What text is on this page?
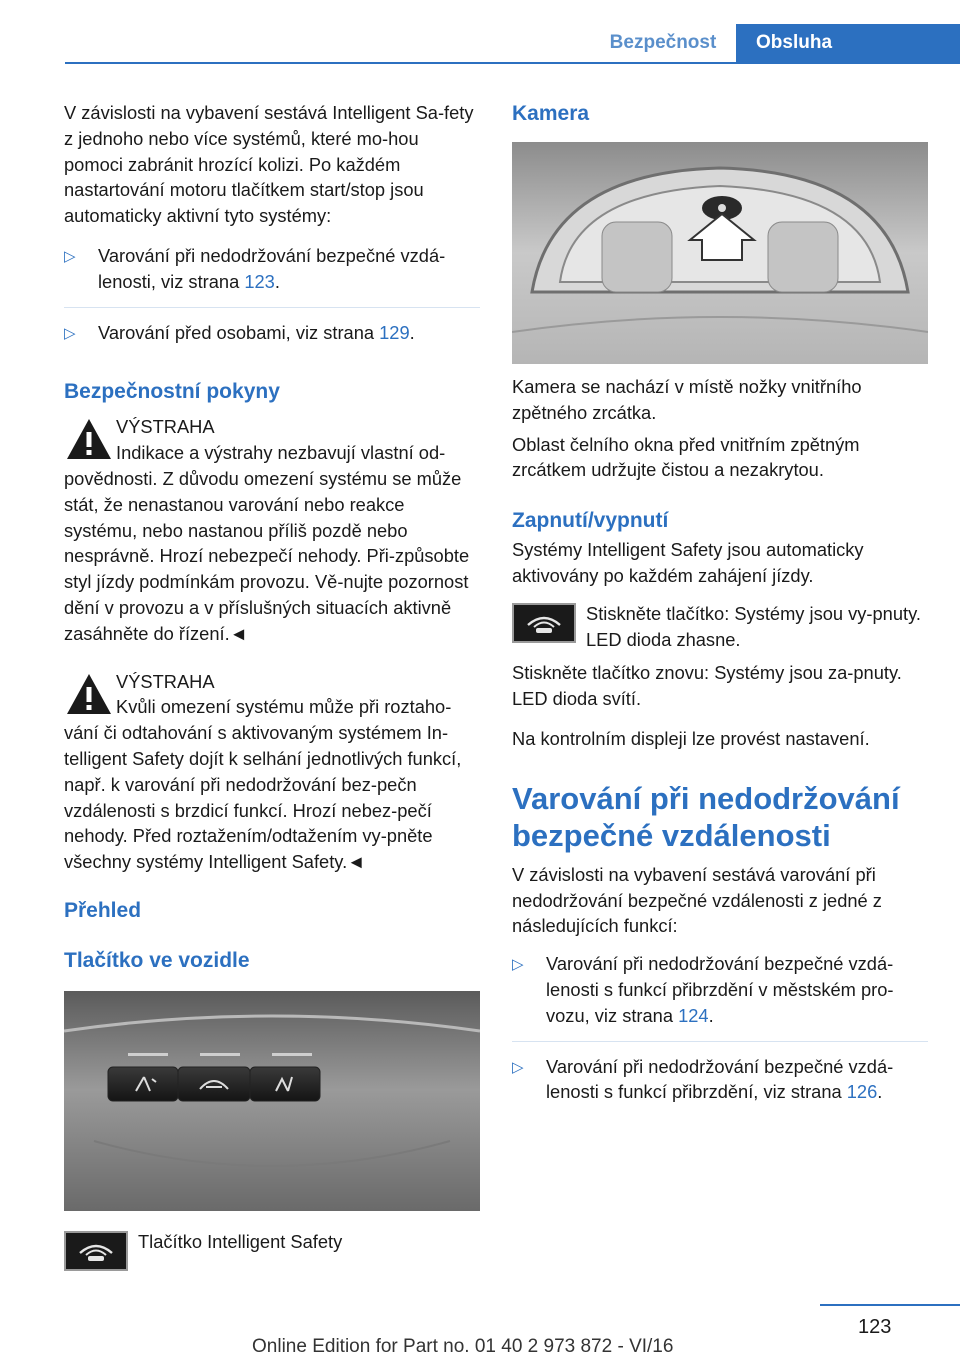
Bezpečnost	Obsluha

V závislosti na vybavení sestává Intelligent Sa-fety z jednoho nebo více systémů, které mo-hou pomoci zabránit hrozící kolizi. Po každém nastartování motoru tlačítkem start/stop jsou automaticky aktivní tyto systémy:

▷ Varování při nedodržování bezpečné vzdá-lenosti, viz strana 123.
▷ Varování před osobami, viz strana 129.
Bezpečnostní pokyny
VÝSTRAHA
Indikace a výstrahy nezbavují vlastní od-
povědnosti. Z důvodu omezení systému se může stát, že nenastanou varování nebo reakce systému, nebo nastanou příliš pozdě nebo nesprávně. Hrozí nebezpečí nehody. Při-způsobte styl jízdy podmínkám provozu. Vě-nujte pozornost dění v provozu a v příslušných situacích aktivně zasáhněte do řízení.◄
VÝSTRAHA
Kvůli omezení systému může při roztaho-
vání či odtahování s aktivovaným systémem In-telligent Safety dojít k selhání jednotlivých funkcí, např. k varování při nedodržování bez-pečn vzdálenosti s brzdicí funkcí. Hrozí nebez-pečí nehody. Před roztažením/odtažením vy-pněte všechny systémy Intelligent Safety.◄
Přehled
Tlačítko ve vozidle
Tlačítko Intelligent Safety
Kamera

Kamera se nachází v místě nožky vnitřního zpětného zrcátka.

Oblast čelního okna před vnitřním zpětným zrcátkem udržujte čistou a nezakrytou.

Zapnutí/vypnutí

Systémy Intelligent Safety jsou automaticky aktivovány po každém zahájení jízdy.

Stiskněte tlačítko: Systémy jsou vy-pnuty. LED dioda zhasne.

Stiskněte tlačítko znovu: Systémy jsou za-pnuty. LED dioda svítí.

Na kontrolním displeji lze provést nastavení.

Varování při nedodržování bezpečné vzdálenosti

V závislosti na vybavení sestává varování při nedodržování bezpečné vzdálenosti z jedné z následujících funkcí:

▷ Varování při nedodržování bezpečné vzdá-lenosti s funkcí přibrzdění v městském pro-vozu, viz strana 124.
▷ Varování při nedodržování bezpečné vzdá-lenosti s funkcí přibrzdění, viz strana 126.
123
Online Edition for Part no. 01 40 2 973 872 - VI/16
